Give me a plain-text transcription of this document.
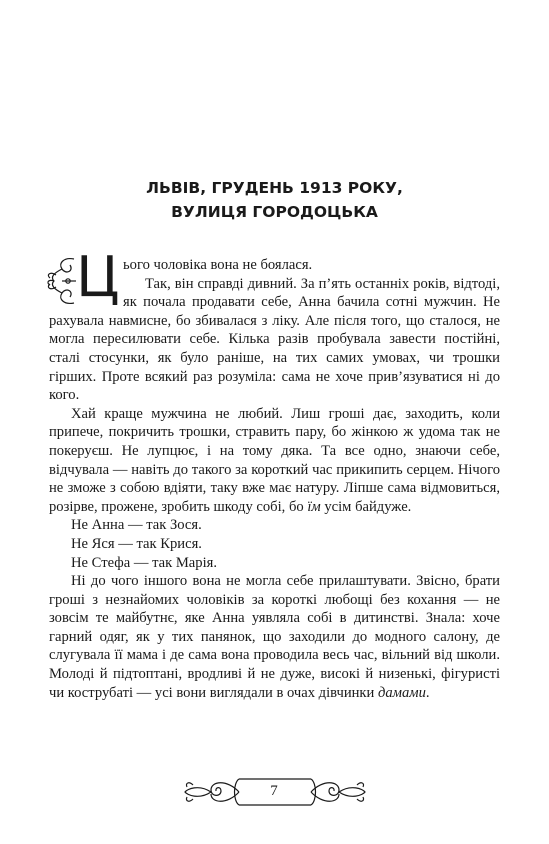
ЛЬВІВ, ГРУДЕНЬ 1913 РОКУ,
ВУЛИЦЯ ГОРОДОЦЬКА
Ц ього чоловіка вона не боялася.

Так, він справді дивний. За п’ять останніх років, відтоді, як почала продавати себе, Анна бачила сотні мужчин. Не рахувала навмисне, бо збивалася з ліку. Але після того, що сталося, не могла пересилювати себе. Кілька разів пробувала завести постійні, сталі стосунки, як було раніше, на тих самих умовах, чи трошки гірших. Проте всякий раз розуміла: сама не хоче прив’язуватися ні до кого.

Хай краще мужчина не любий. Лиш гроші дає, заходить, коли припече, покричить трошки, стравить пару, бо жінкою ж удома так не покеруєш. Не лупцює, і на тому дяка. Та все одно, знаючи себе, відчувала — навіть до такого за короткий час прикипить серцем. Нічого не зможе з собою вдіяти, таку вже має натуру. Ліпше сама відмовиться, розірве, прожене, зробить шкоду собі, бо їм усім байдуже.

Не Анна — так Зося.

Не Яся — так Крися.

Не Стефа — так Марія.

Ні до чого іншого вона не могла себе прилаштувати. Звісно, брати гроші з незнайомих чоловіків за короткі любощі без кохання — не зовсім те майбутнє, яке Анна уявляла собі в дитинстві. Знала: хоче гарний одяг, як у тих панянок, що заходили до модного салону, де слугувала її мама і де сама вона проводила весь час, вільний від школи. Молоді й підтоптані, вродливі й не дуже, високі й низенькі, фігуристі чи кострубаті — усі вони виглядали в очах дівчинки дамами.

7
